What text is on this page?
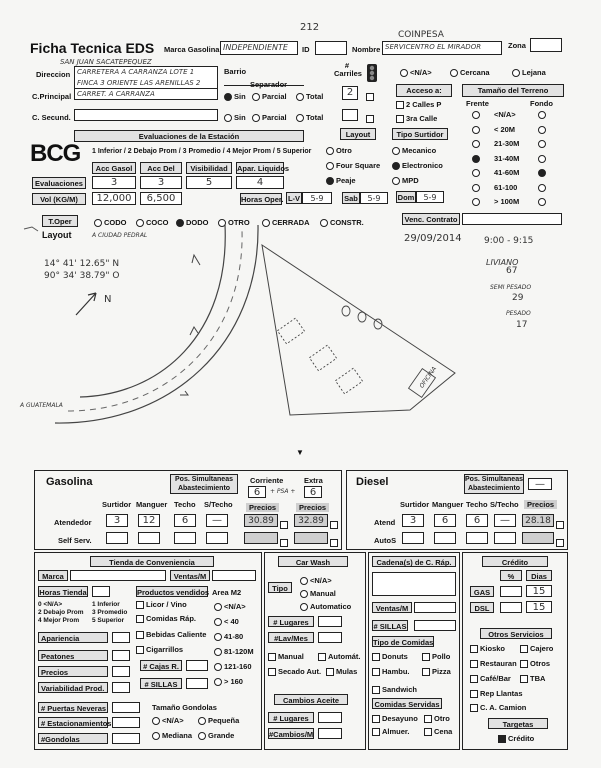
212
COINPESA
Ficha Tecnica EDS Marca Gasolina INDEPENDIENTE ID	Nombre SERVICENTRO EL MIRADOR	Zona
SAN JUAN SACATEPEQUEZ
Direccion CARRETERA A CARRANZA LOTE 1
FINCA 3 ORIENTE LAS ARENILLAS 2
Barrio
# Carriles
Separador
<N/A>	Cercana	Lejana
C.Principal CARRET. A CARRANZA	Sin	Parcial	Total	2	Acceso a:
2 Calles P
3ra Calle
Tamaño del Terreno
Frente	Fondo
<N/A>
< 20M
21-30M
31-40M
41-60M
61-100
> 100M
C. Secund.	Sin	Parcial	Total
Evaluaciones de la Estación	Layout	Tipo Surtidor
BCG 1 Inferior / 2 Debajo Prom / 3 Promedio / 4 Mejor Prom / 5 Superior	Otro
Four Square
Peaje
Mecanico
Electronico
MPD
Acc Gasol	Acc Del	Visibilidad	Apar. Liquidos
Evaluaciones	3	3	5	4
Vol (KG/M)	12,000	6,500	Horas Oper. L-V	5-9	Sab	5-9	Dom	5-9
T.Oper	CODO	COCO	DODO	OTRO	CERRADA	CONSTR.	Venc. Contrato
Layout	A CIUDAD PEDRAL
14° 41' 12.65" N
90° 34' 38.79" O
N
29/09/2014 9:00 - 9:15
LIVIANO
67
SEMI PESADO
29
PESADO
17
A GUATEMALA
OFICINA
▼
Gasolina	Pos. Simultaneas Abastecimiento
Corriente	Extra
6	+ PSA +	6
Surtidor Manguer Techo S/Techo	Precios	Precios
Atendedor	3	12	6	—	30.89	32.89
Self Serv.
Diesel	Pos. Simultaneas Abastecimiento	—
Surtidor Manguer Techo S/Techo	Precios
Atend	3	6	6	—	28.18
AutoS
Tienda de Conveniencia
Marca	Ventas/M
Horas Tienda	Productos vendidos Area M2
0 <N/A>	1 Inferior
2 Debajo Prom 3 Promedio
4 Mejor Prom 5 Superior
Licor / Vino
Comidas Ráp.
Bebidas Caliente
Cigarrillos
<N/A>
< 40
41-80
81-120M
121-160
> 160
Apariencia
Peatones
Precios
Variabilidad Prod.
# Cajas R.
# SILLAS
# Puertas Neveras
# Estacionamientos
#Gondolas
Tamaño Gondolas
<N/A>	Pequeña
Mediana	Grande
Car Wash
Tipo
<N/A>
Manual
Automatico
# Lugares
#Lav/Mes
Manual	Automát.
Secado Aut.	Mulas
Cambios Aceite
# Lugares
#Cambios/M
Cadena(s) de C. Ráp.
Ventas/M
# SILLAS
Tipo de Comidas
Donuts	Pollo
Hambu.	Pizza
Sandwich
Comidas Servidas
Desayuno	Otro
Almuer.	Cena
Crédito
%	Dias
GAS	15
DSL	15
Otros Servicios
Kiosko	Cajero
Restauran	Otros
Café/Bar	TBA
Rep Llantas
C. A. Camion
Targetas
Crédito
